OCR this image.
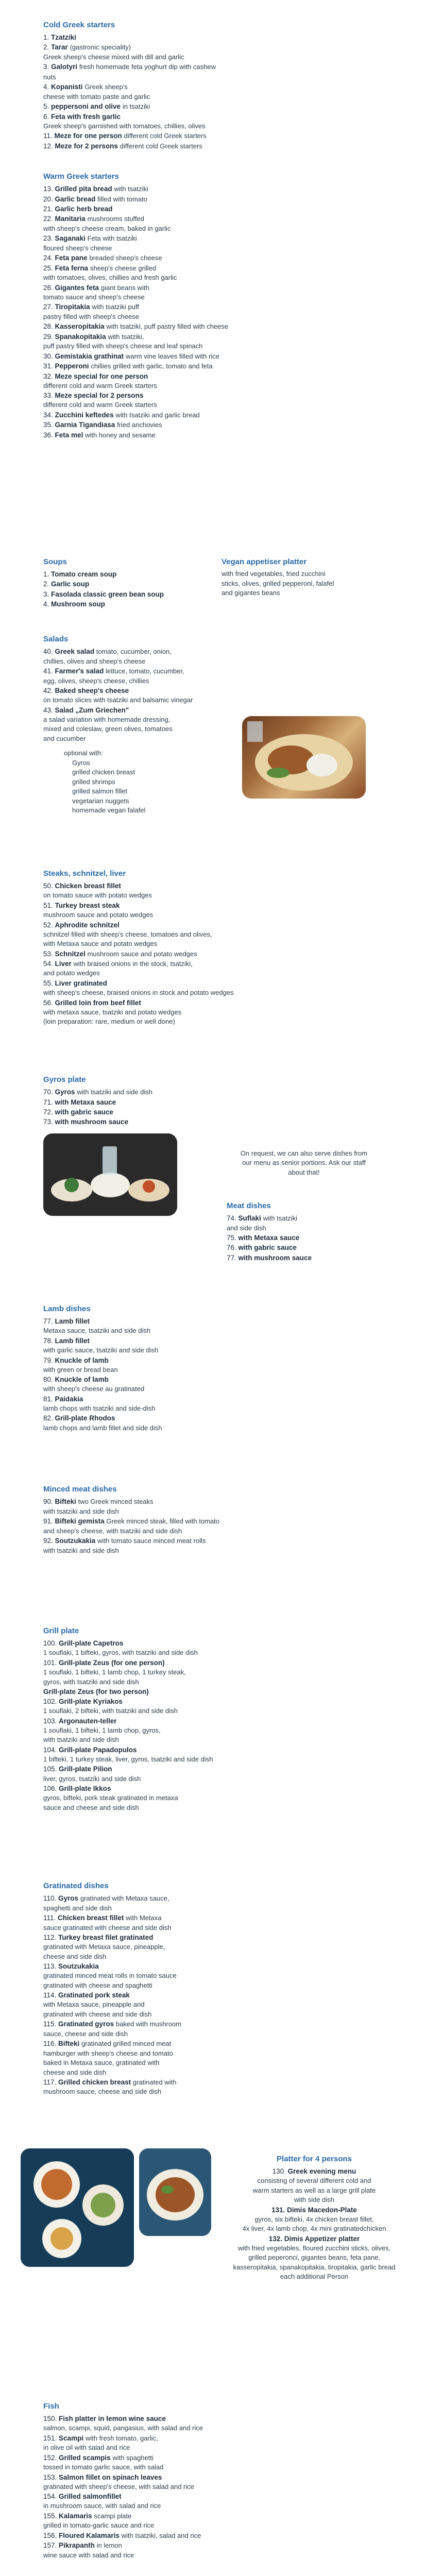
Cold Greek starters
1. Tzatziki
2. Tarar (gastronic speciality)
Greek sheep's cheese mixed with dill and garlic
3. Galotyri fresh homemade feta yoghurt dip with cashew nuts
4. Kopanisti Greek sheep's
cheese with tomato paste and garlic
5. peppersoni and olive in tsatziki
6. Feta with fresh garlic
Greek sheep's garnished with tomatoes, chillies, olives
11. Meze for one person different cold Greek starters
12. Meze for 2 persons different cold Greek starters
Warm Greek starters
13. Grilled pita bread with tsatziki
20. Garlic bread filled with tomato
21. Garlic herb bread
22. Manitaria mushrooms stuffed
with sheep's cheese cream, baked in garlic
23. Saganaki Feta with tsatziki
floured sheep's cheese
24. Feta pane breaded sheep's cheese
25. Feta ferna sheep's cheese grilled
with tomatoes, olives, chillies and fresh garlic
26. Gigantes feta giant beans with
tomato sauce and sheep's cheese
27. Tiropitakia with tsatziki puff
pastry filled with sheep's cheese
28. Kasseropitakia with tsatziki, puff pastry filled with cheese
29. Spanakopitakia with tsatziki,
puff pastry filled with sheep's cheese and leaf spinach
30. Gemistakia grathinat warm vine leaves filled with rice
31. Pepperoni chillies grilled with garlic, tomato and feta
32. Meze special for one person
different cold and warm Greek starters
33. Meze special for 2 persons
different cold and warm Greek starters
34. Zucchini keftedes with tsatziki and garlic bread
35. Garnia Tigandiasa fried anchovies
36. Feta mel with honey and sesame
Soups
1. Tomato cream soup
2. Garlic soup
3. Fasolada classic green bean soup
4. Mushroom soup
Vegan appetiser platter
with fried vegetables, fried zucchini
sticks, olives, grilled pepperoni, falafel
and gigantes beans
Salads
40. Greek salad tomato, cucumber, onion,
chillies, olives and sheep's cheese
41. Farmer's salad lettuce, tomato, cucumber,
egg, olives, sheep's cheese, chillies
42. Baked sheep's cheese
on tomato slices with tsatziki and balsamic vinegar
43. Salad „Zum Griechen"
a salad variation with homemade dressing,
mixed and coleslaw, green olives, tomatoes
and cucumber
optional with:
Gyros
grilled chicken breast
grilled shrimps
grilled salmon fillet
vegetarian nuggets
homemade vegan falafel
Steaks, schnitzel, liver
50. Chicken breast fillet
on tomato sauce with potato wedges
51. Turkey breast steak
mushroom sauce and potato wedges
52. Aphrodite schnitzel
schnitzel filled with sheep's cheese, tomatoes and olives,
with Metaxa sauce and potato wedges
53. Schnitzel mushroom sauce and potato wedges
54. Liver with braised onions in the stock, tsatziki,
and potato wedges
55. Liver gratinated
with sheep's cheese, braised onions in stock and potato wedges
56. Grilled loin from beef fillet
with metaxa sauce, tsatziki and potato wedges
(loin preparation: rare, medium or well done)
Gyros plate
70. Gyros with tsatziki and side dish
71. with Metaxa sauce
72. with gabric sauce
73. with mushroom sauce
On request, we can also serve dishes from
our menu as senior portions. Ask our staff
about that!
Meat dishes
74. Suflaki with tsatziki
and side dish
75. with Metaxa sauce
76. with gabric sauce
77. with mushroom sauce
Lamb dishes
77. Lamb fillet
Metaxa sauce, tsatziki and side dish
78. Lamb fillet
with garlic sauce, tsatziki and side dish
79. Knuckle of lamb
with green or bread bean
80. Knuckle of lamb
with sheep's cheese au gratinated
81. Paidakia
lamb chops with tsatziki and side-dish
82. Grill-plate Rhodos
lamb chops and lamb fillet and side dish
Minced meat dishes
90. Bifteki two Greek minced steaks
with tsatziki and side dish
91. Bifteki gemista Greek minced steak, filled with tomato
and sheep's cheese, with tsatziki and side dish
92. Soutzukakia with tomato sauce minced meat rolls
with tsatziki and side dish
Grill plate
100. Grill-plate Capetros
1 souflaki, 1 bifteki, gyros, with tsatziki and side dish
101. Grill-plate Zeus (for one person)
1 souflaki, 1 bifteki, 1 lamb chop, 1 turkey steak,
gyros, with tsatziki and side dish
Grill-plate Zeus (for two person)
102. Grill-plate Kyriakos
1 souflaki, 2 bifteki, with tsatziki and side dish
103. Argonauten-teller
1 souflaki, 1 bifteki, 1 lamb chop, gyros,
with tsatziki and side dish
104. Grill-plate Papadopulos
1 bifteki, 1 turkey steak, liver, gyros, tsatziki and side dish
105. Grill-plate Pilion
liver, gyros, tsatziki and side dish
106. Grill-plate Ikkos
gyros, bifteki, pork steak gratinated in metaxa
sauce and cheese and side dish
Gratinated dishes
110. Gyros gratinated with Metaxa sauce,
spaghetti and side dish
111. Chicken breast fillet with Metaxa
sauce gratinated with cheese and side dish
112. Turkey breast filet gratinated
gratinated with Metaxa sauce, pineapple,
cheese and side dish
113. Soutzukakia
gratinated minced meat rolls in tomato sauce
gratinated with cheese and spaghetti
114. Gratinated pork steak
with Metaxa sauce, pineapple and
gratinated with cheese and side dish
115. Gratinated gyros baked with mushroom
sauce, cheese and side dish
116. Bifteki gratinated grilled minced meat
hamburger with sheep's cheese and tomato
baked in Metaxa sauce, gratinated with
cheese and side dish
117. Grilled chicken breast gratinated with
mushroom sauce, cheese and side dish
Platter for 4 persons
130. Greek evening menu
consisting of several different cold and
warm starters as well as a large grill plate
with side dish
131. Dimis Macedon-Plate
gyros, six bifteki, 4x chicken breast fillet,
4x liver, 4x lamb chop, 4x mini gratinatedchicken
132. Dimis Appetizer platter
with fried vegetables, floured zucchini sticks, olives,
grilled peperonci, gigantes beans, feta pane,
kasseropitakia, spanakopitakia, tiropitakia, garlic bread
each additional Person
Fish
150. Fish platter in lemon wine sauce
salmon, scampi, squid, pangasius, with salad and rice
151. Scampi with fresh tomato, garlic,
in olive oil with salad and rice
152. Grilled scampis with spaghetti
tossed in tomato garlic sauce, with salad
153. Salmon fillet on spinach leaves
gratinated with sheep's cheese, with salad and rice
154. Grilled salmonfillet
in mushroom sauce, with salad and rice
155. Kalamaris scampi plate
grilled in tomato-garlic sauce and rice
156. Floured Kalamaris with tsatziki, salad and rice
157. Pikrapanth in lemon
wine sauce with salad and rice
